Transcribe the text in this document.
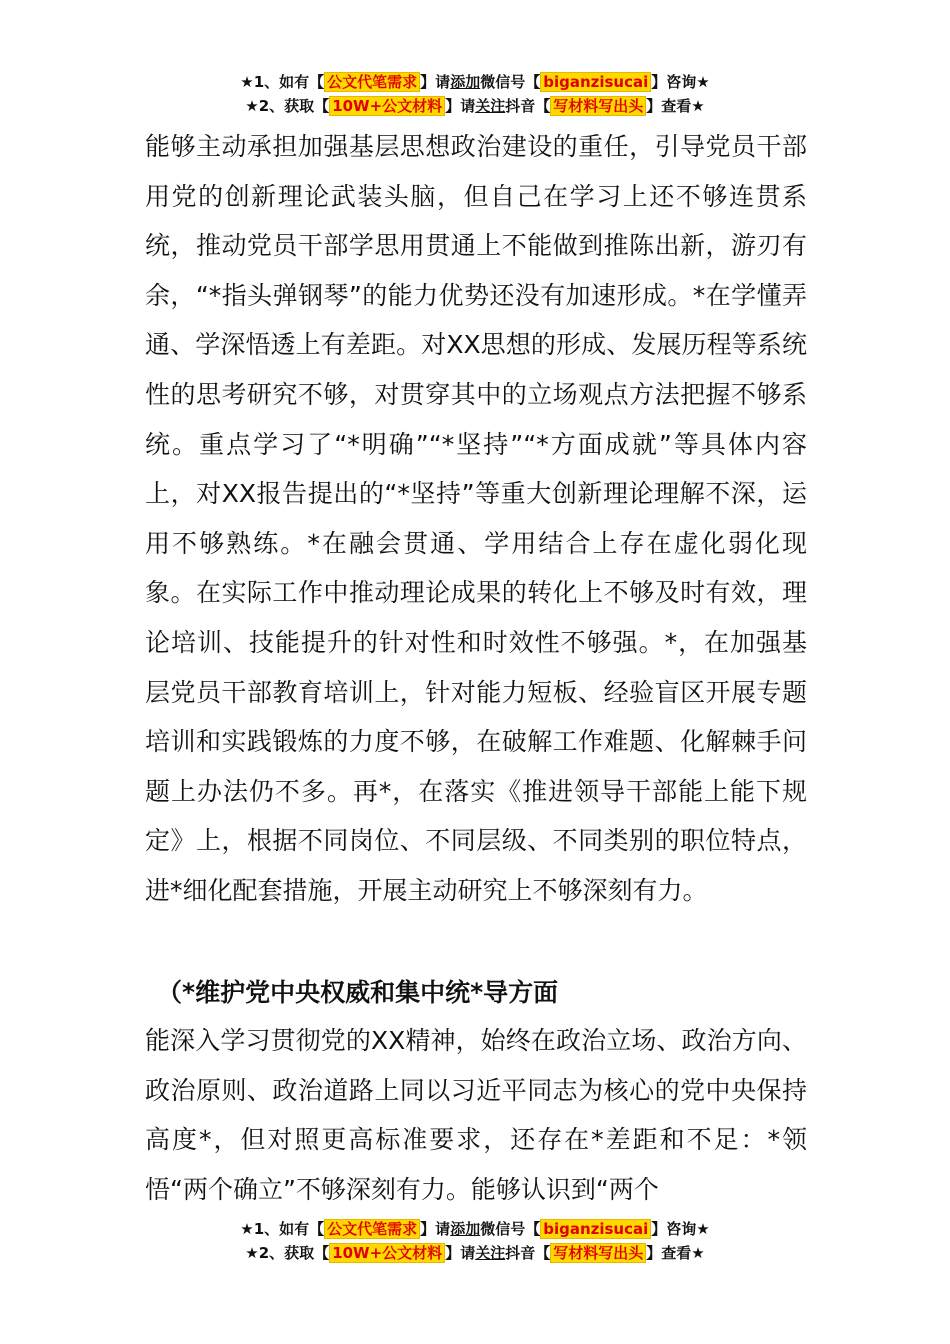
★1、如有【 公文代笔需求 】请添加微信号【 biganzisucai 】咨询★
★2、获取【 10W+公文材料 】请关注抖音【 写材料写出头 】查看★

能够主动承担加强基层思想政治建设的重任，引导党员干部用党的创新理论武装头脑，但自己在学习上还不够连贯系统，推动党员干部学思用贯通上不能做到推陈出新，游刃有余，“*指头弹钢琴”的能力优势还没有加速形成。*在学懂弄通、学深悟透上有差距。对XX思想的形成、发展历程等系统性的思考研究不够，对贯穿其中的立场观点方法把握不够系统。重点学习了“*明确”“*坚持”“*方面成就”等具体内容上，对XX报告提出的“*坚持”等重大创新理论理解不深，运用不够熟练。*在融会贯通、学用结合上存在虚化弱化现象。在实际工作中推动理论成果的转化上不够及时有效，理论培训、技能提升的针对性和时效性不够强。*，在加强基层党员干部教育培训上，针对能力短板、经验盲区开展专题培训和实践锻炼的力度不够，在破解工作难题、化解棘手问题上办法仍不多。再*，在落实《推进领导干部能上能下规定》上，根据不同岗位、不同层级、不同类别的职位特点，进*细化配套措施，开展主动研究上不够深刻有力。

（*维护党中央权威和集中统*导方面

能深入学习贯彻党的XX精神，始终在政治立场、政治方向、政治原则、政治道路上同以习近平同志为核心的党中央保持高度*，但对照更高标准要求，还存在*差距和不足：*领悟“两个确立”不够深刻有力。能够认识到“两个

★1、如有【 公文代笔需求 】请添加微信号【 biganzisucai 】咨询★
★2、获取【 10W+公文材料 】请关注抖音【 写材料写出头 】查看★
